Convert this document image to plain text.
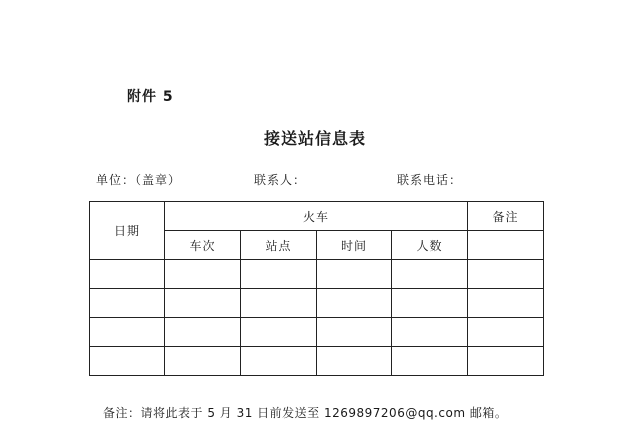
附件 5
接送站信息表
单位：（盖章）	联系人：	联系电话：
日期	火车				备注
	车次	站点	时间	人数	

备注：请将此表于 5 月 31 日前发送至 1269897206@qq.com 邮箱。
